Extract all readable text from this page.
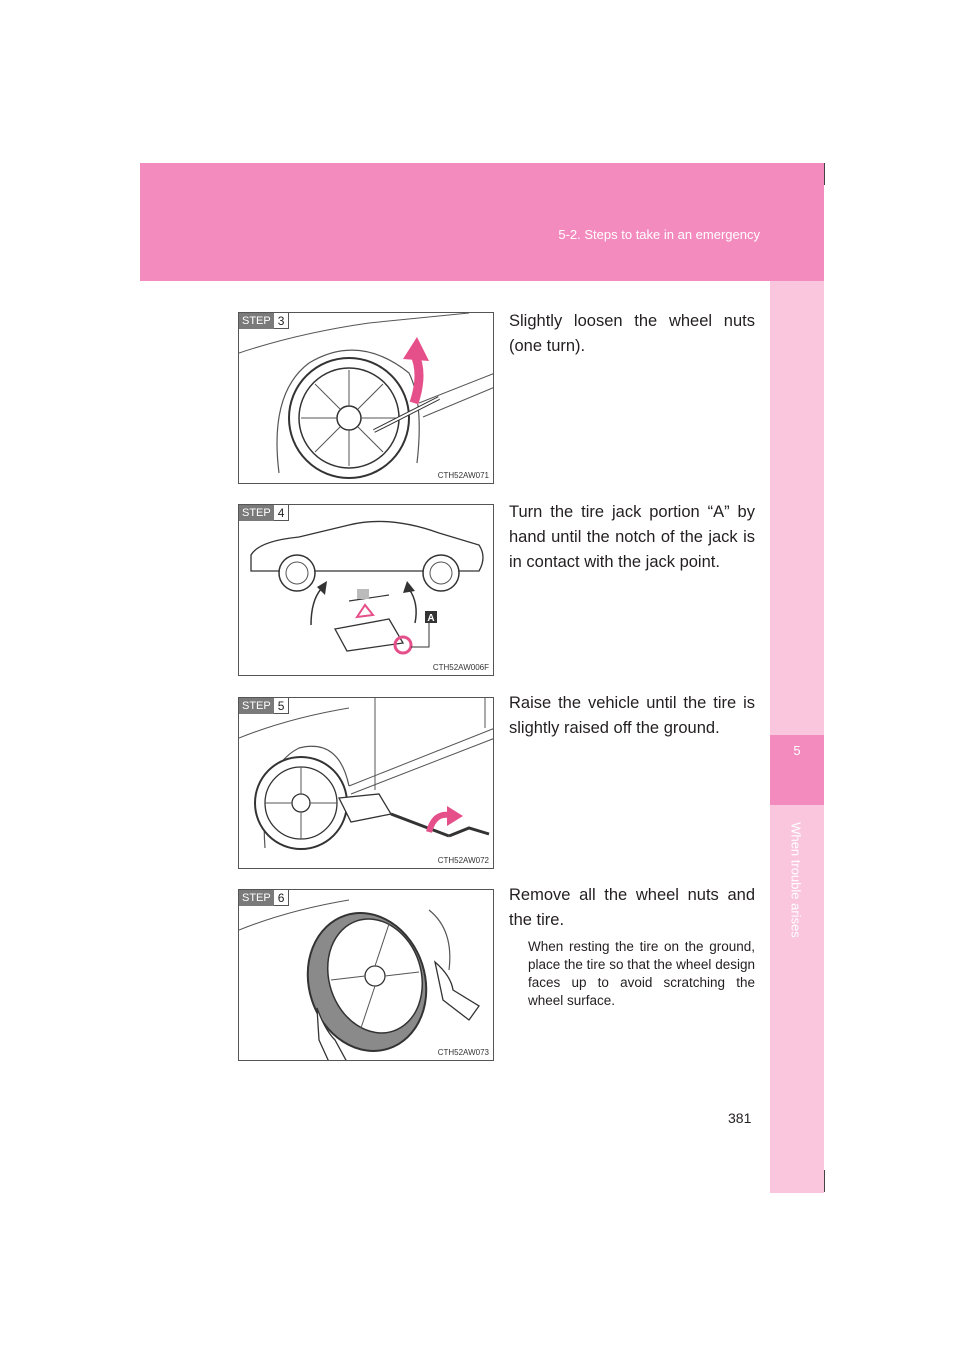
5-2. Steps to take in an emergency
5
When trouble arises
STEP 3
CTH52AW071
Slightly loosen the wheel nuts (one turn).
STEP 4
A
CTH52AW006F
Turn the tire jack portion “A” by hand until the notch of the jack is in contact with the jack point.
STEP 5
CTH52AW072
Raise the vehicle until the tire is slightly raised off the ground.
STEP 6
CTH52AW073
Remove all the wheel nuts and the tire.
When resting the tire on the ground, place the tire so that the wheel design faces up to avoid scratching the wheel surface.
381
